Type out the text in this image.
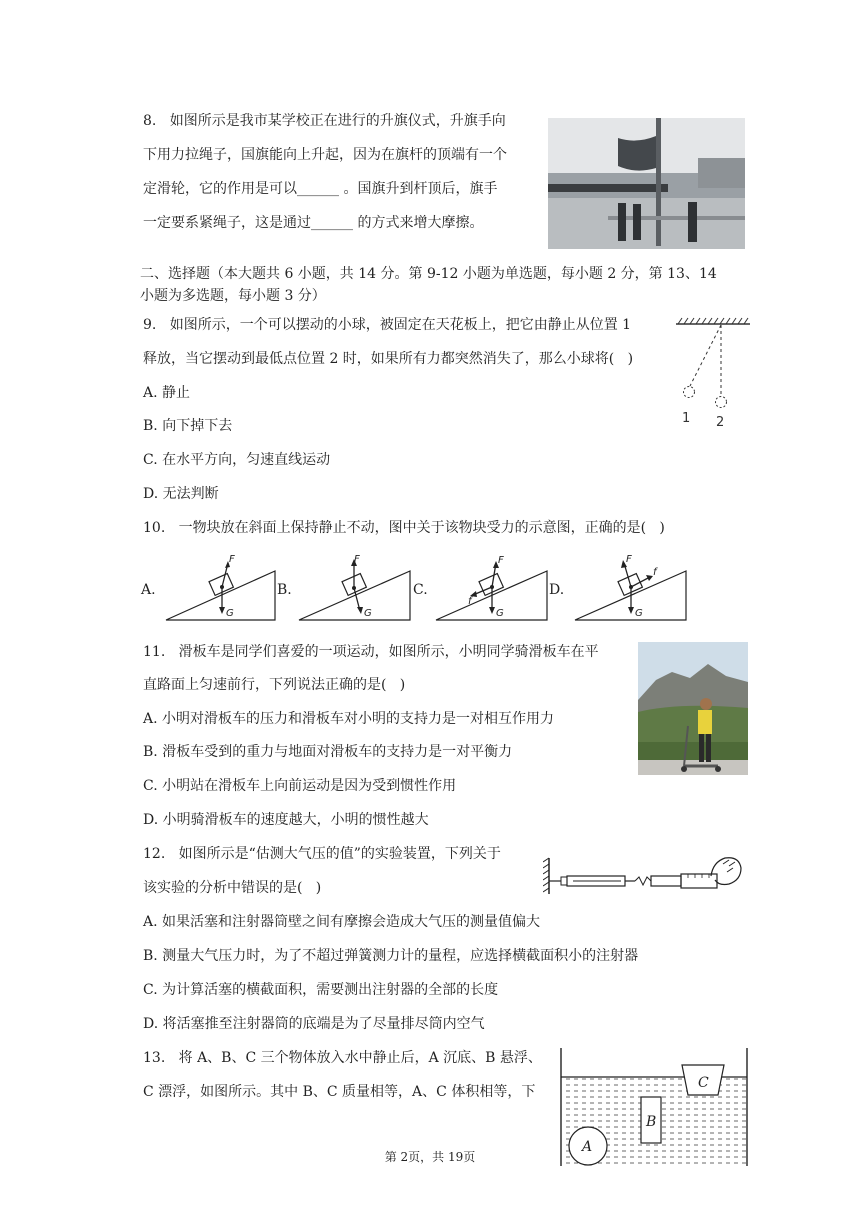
8.   如图所示是我市某学校正在进行的升旗仪式，升旗手向
下用力拉绳子，国旗能向上升起，因为在旗杆的顶端有一个
定滑轮，它的作用是可以______ 。国旗升到杆顶后，旗手
一定要系紧绳子，这是通过______ 的方式来增大摩擦。
二、选择题（本大题共 6 小题，共 14 分。第 9-12 小题为单选题，每小题 2 分，第 13、14
小题为多选题，每小题 3 分）
9.   如图所示，一个可以摆动的小球，被固定在天花板上，把它由静止从位置 1
释放，当它摆动到最低点位置 2 时，如果所有力都突然消失了，那么小球将(   )
A. 静止
B. 向下掉下去
C. 在水平方向，匀速直线运动
D. 无法判断
1 2
10.   一物块放在斜面上保持静止不动，图中关于该物块受力的示意图，正确的是(   )
A.
F
G
B.
F
G
C.
F
f
G
D.
F
f
G
11.   滑板车是同学们喜爱的一项运动，如图所示，小明同学骑滑板车在平
直路面上匀速前行，下列说法正确的是(   )
A. 小明对滑板车的压力和滑板车对小明的支持力是一对相互作用力
B. 滑板车受到的重力与地面对滑板车的支持力是一对平衡力
C. 小明站在滑板车上向前运动是因为受到惯性作用
D. 小明骑滑板车的速度越大，小明的惯性越大
12.   如图所示是“估测大气压的值”的实验装置，下列关于
该实验的分析中错误的是(   )
A. 如果活塞和注射器筒壁之间有摩擦会造成大气压的测量值偏大
B. 测量大气压力时，为了不超过弹簧测力计的量程，应选择横截面积小的注射器
C. 为计算活塞的横截面积，需要测出注射器的全部的长度
D. 将活塞推至注射器筒的底端是为了尽量排尽筒内空气
13.   将 A、B、C 三个物体放入水中静止后，A 沉底、B 悬浮、
C 漂浮，如图所示。其中 B、C 质量相等，A、C 体积相等，下
C
B
A
第 2页，共 19页
